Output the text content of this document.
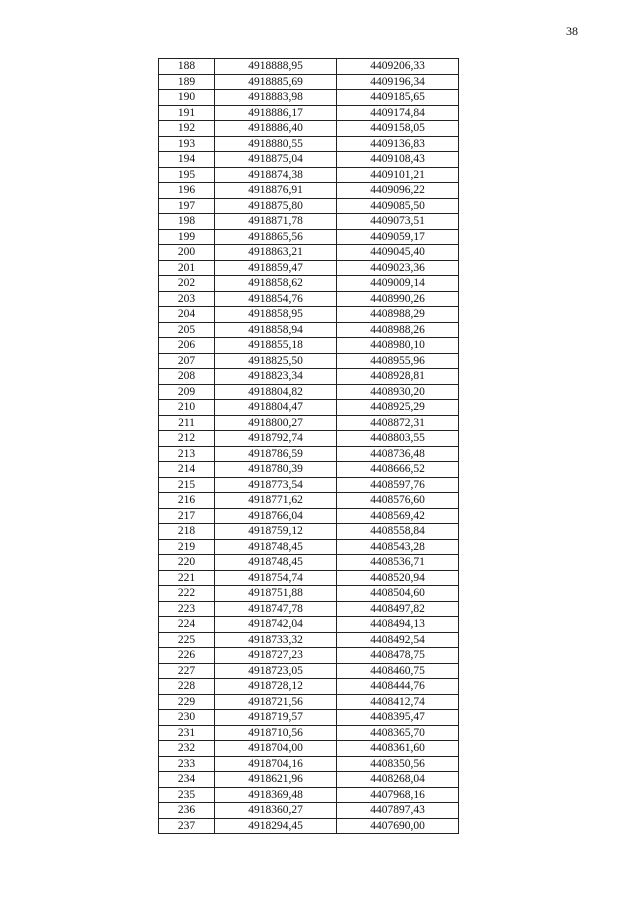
38
188	4918888,95	4409206,33
189	4918885,69	4409196,34
190	4918883,98	4409185,65
191	4918886,17	4409174,84
192	4918886,40	4409158,05
193	4918880,55	4409136,83
194	4918875,04	4409108,43
195	4918874,38	4409101,21
196	4918876,91	4409096,22
197	4918875,80	4409085,50
198	4918871,78	4409073,51
199	4918865,56	4409059,17
200	4918863,21	4409045,40
201	4918859,47	4409023,36
202	4918858,62	4409009,14
203	4918854,76	4408990,26
204	4918858,95	4408988,29
205	4918858,94	4408988,26
206	4918855,18	4408980,10
207	4918825,50	4408955,96
208	4918823,34	4408928,81
209	4918804,82	4408930,20
210	4918804,47	4408925,29
211	4918800,27	4408872,31
212	4918792,74	4408803,55
213	4918786,59	4408736,48
214	4918780,39	4408666,52
215	4918773,54	4408597,76
216	4918771,62	4408576,60
217	4918766,04	4408569,42
218	4918759,12	4408558,84
219	4918748,45	4408543,28
220	4918748,45	4408536,71
221	4918754,74	4408520,94
222	4918751,88	4408504,60
223	4918747,78	4408497,82
224	4918742,04	4408494,13
225	4918733,32	4408492,54
226	4918727,23	4408478,75
227	4918723,05	4408460,75
228	4918728,12	4408444,76
229	4918721,56	4408412,74
230	4918719,57	4408395,47
231	4918710,56	4408365,70
232	4918704,00	4408361,60
233	4918704,16	4408350,56
234	4918621,96	4408268,04
235	4918369,48	4407968,16
236	4918360,27	4407897,43
237	4918294,45	4407690,00
